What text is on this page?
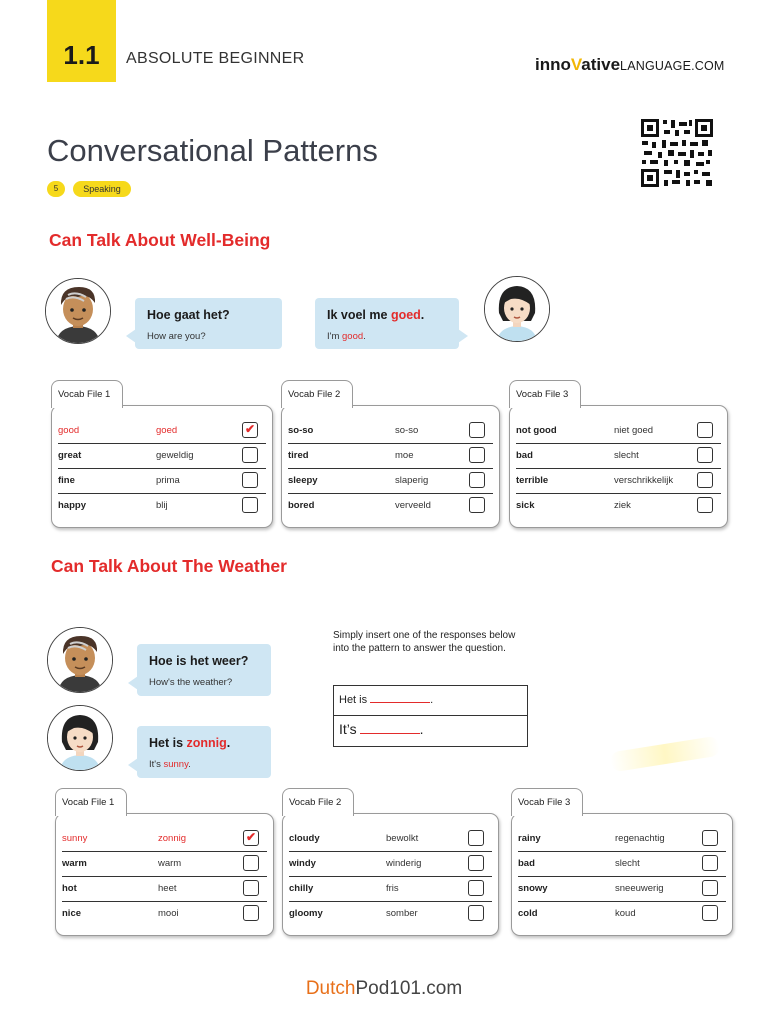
1.1	ABSOLUTE BEGINNER	innoVativeLANGUAGE.COM
Conversational Patterns
5	Speaking
Can Talk About Well-Being
Hoe gaat het?
How are you?
Ik voel me goed.
I'm good.
Vocab File 1
good	goed	✔
great	geweldig
fine	prima
happy	blij
Vocab File 2
so-so	so-so
tired	moe
sleepy	slaperig
bored	verveeld
Vocab File 3
not good	niet goed
bad	slecht
terrible	verschrikkelijk
sick	ziek
Can Talk About The Weather
Hoe is het weer?
How's the weather?
Het is zonnig.
It's sunny.
Simply insert one of the responses below into the pattern to answer the question.
Het is	.
It’s	.
Vocab File 1
sunny	zonnig	✔
warm	warm
hot	heet
nice	mooi
Vocab File 2
cloudy	bewolkt
windy	winderig
chilly	fris
gloomy	somber
Vocab File 3
rainy	regenachtig
bad	slecht
snowy	sneeuwerig
cold	koud
DutchPod101.com
